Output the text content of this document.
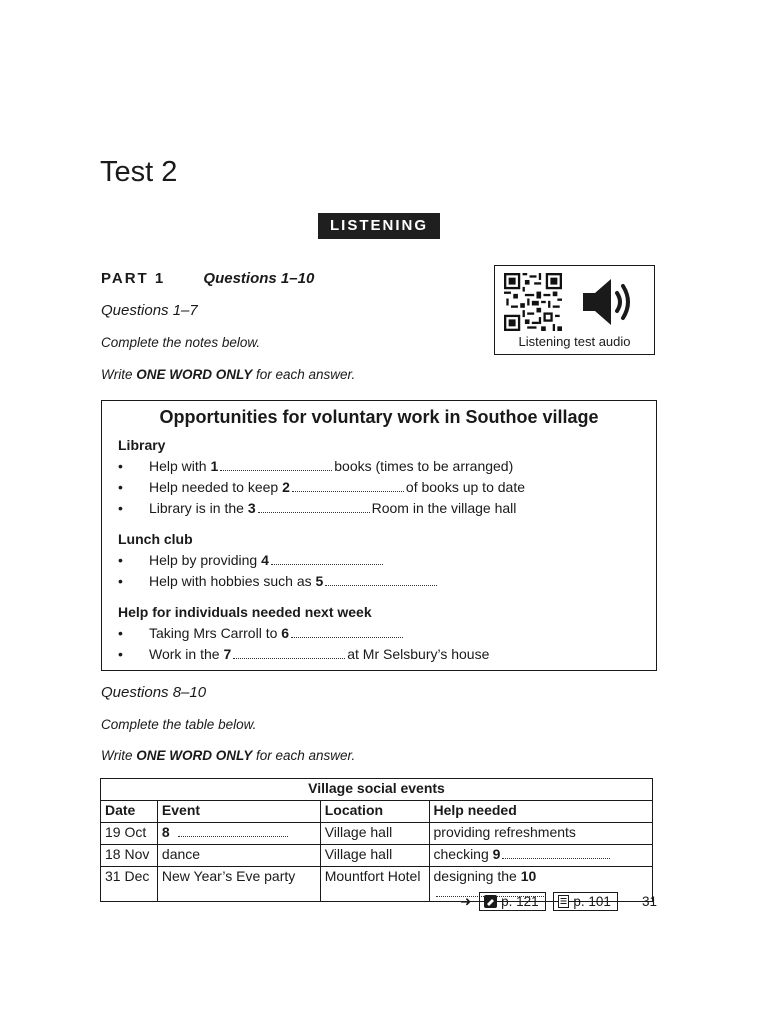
Test 2
LISTENING
PART 1	Questions 1–10
Listening test audio
Questions 1–7
Complete the notes below.
Write ONE WORD ONLY for each answer.
Opportunities for voluntary work in Southoe village
Library
• Help with 1	books (times to be arranged)
• Help needed to keep 2	of books up to date
• Library is in the 3	Room in the village hall
Lunch club
• Help by providing 4
• Help with hobbies such as 5
Help for individuals needed next week
• Taking Mrs Carroll to 6
• Work in the 7	at Mr Selsbury’s house
Questions 8–10
Complete the table below.
Write ONE WORD ONLY for each answer.
Village social events			
Date	Event	Location	Help needed
19 Oct	8	Village hall	providing refreshments
18 Nov	dance	Village hall	checking 9
31 Dec	New Year’s Eve party	Mountfort Hotel	designing the 10
➜ p. 121	p. 101	31
